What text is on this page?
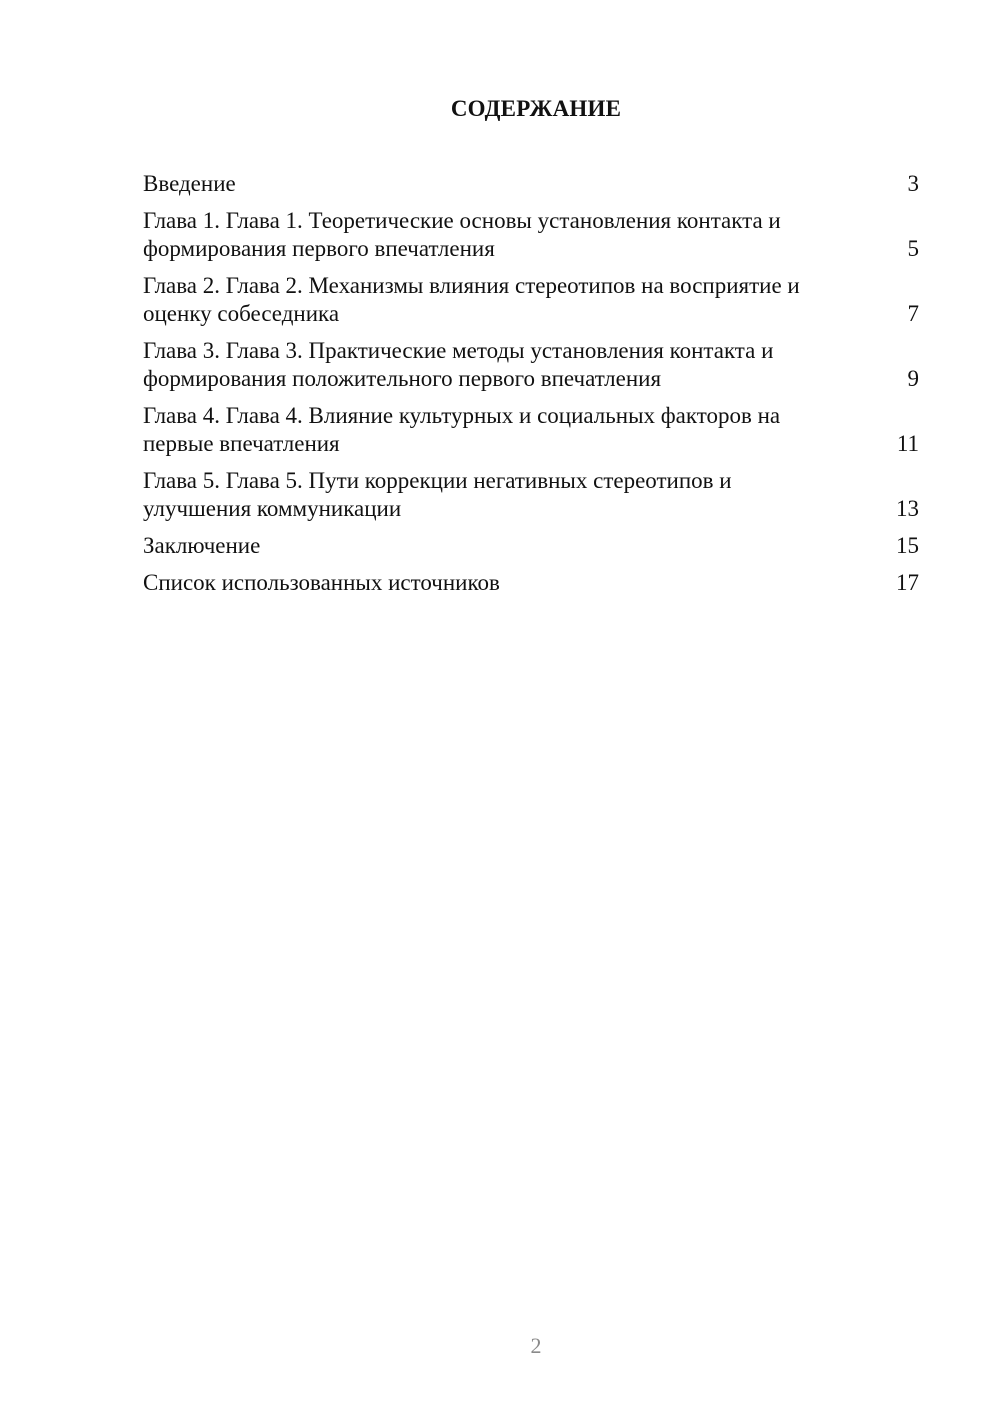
СОДЕРЖАНИЕ
Введение	3
Глава 1. Глава 1. Теоретические основы установления контакта и формирования первого впечатления	5
Глава 2. Глава 2. Механизмы влияния стереотипов на восприятие и оценку собеседника	7
Глава 3. Глава 3. Практические методы установления контакта и формирования положительного первого впечатления	9
Глава 4. Глава 4. Влияние культурных и социальных факторов на первые впечатления	11
Глава 5. Глава 5. Пути коррекции негативных стереотипов и улучшения коммуникации	13
Заключение	15
Список использованных источников	17
2
